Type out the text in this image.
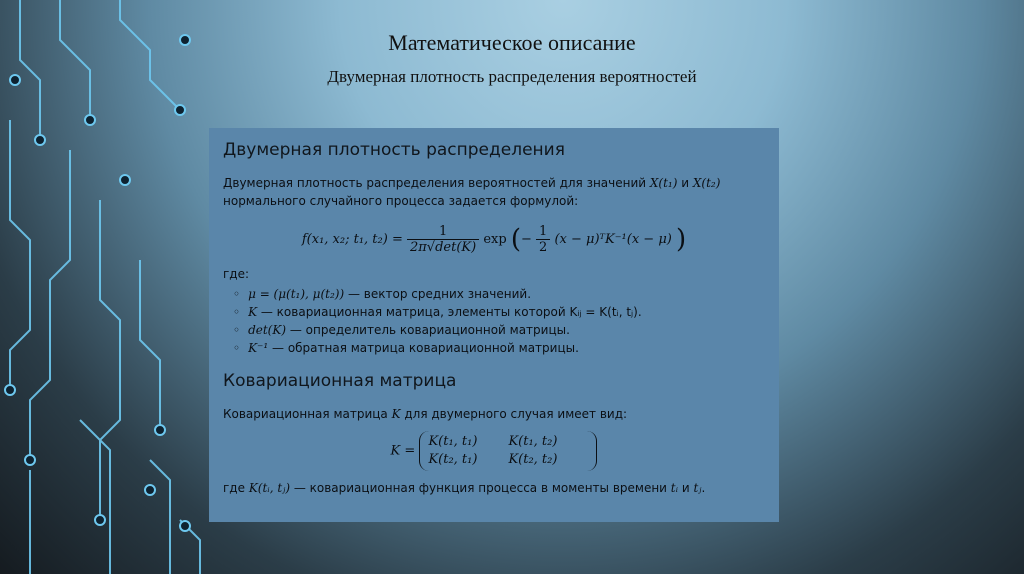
Математическое описание
Двумерная плотность распределения вероятностей
Двумерная плотность распределения

Двумерная плотность распределения вероятностей для значений X(t₁) и X(t₂) нормального случайного процесса задается формулой:

f(x₁, x₂; t₁, $t_2) = \frac{1}{2\pi√\det(K)}$ exp (− $\frac{1}{2} (x$ − μ)ᵀK⁻¹(x − μ) )

где:

◦ μ = (μ(t₁), μ(t₂)) — вектор средних значений.
◦ K — ковариационная матрица, элементы которой Kᵢⱼ = K(tᵢ, tⱼ).
◦ det(K) — определитель ковариационной матрицы.
◦ K⁻¹ — обратная матрица ковариационной матрицы.
Ковариационная матрица

Ковариационная матрица K для двумерного случая имеет вид:

K = K(t₁, t₁) K(t₁, t₂)
K(t₂, t₁) K(t₂, t₂)

где K(tᵢ, tⱼ) — ковариационная функция процесса в моменты времени tᵢ и tⱼ.
